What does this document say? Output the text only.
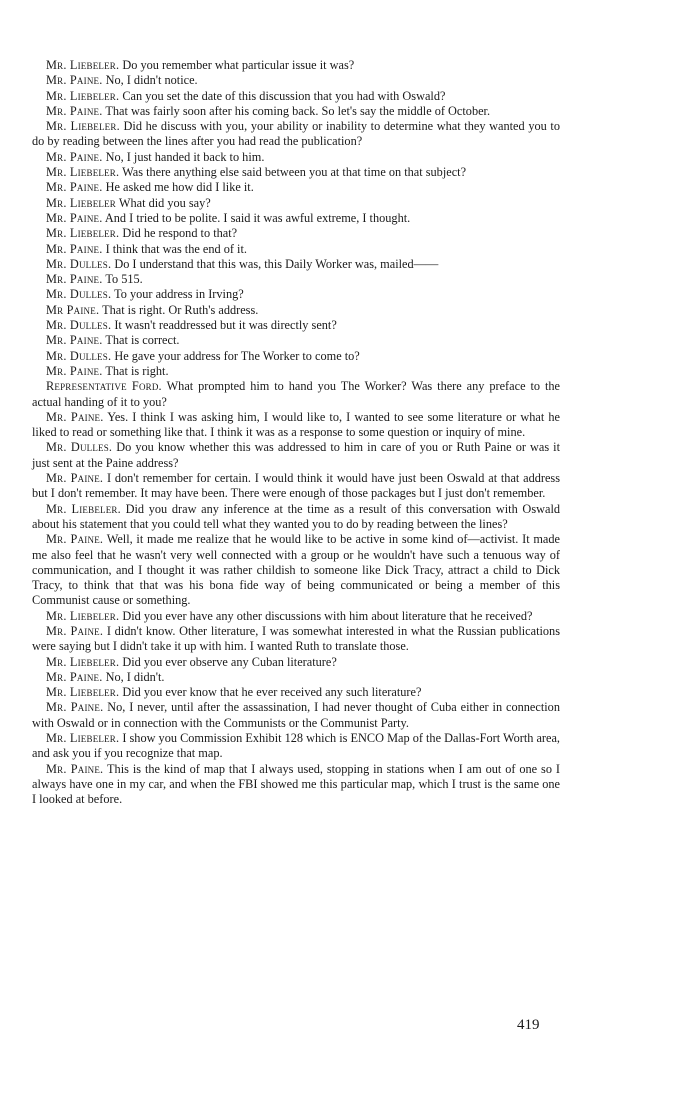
Mr. Liebeler. Do you remember what particular issue it was?

Mr. Paine. No, I didn't notice.

Mr. Liebeler. Can you set the date of this discussion that you had with Oswald?

Mr. Paine. That was fairly soon after his coming back. So let's say the middle of October.

Mr. Liebeler. Did he discuss with you, your ability or inability to determine what they wanted you to do by reading between the lines after you had read the publication?

Mr. Paine. No, I just handed it back to him.

Mr. Liebeler. Was there anything else said between you at that time on that subject?

Mr. Paine. He asked me how did I like it.

Mr. Liebeler What did you say?

Mr. Paine. And I tried to be polite. I said it was awful extreme, I thought.

Mr. Liebeler. Did he respond to that?

Mr. Paine. I think that was the end of it.

Mr. Dulles. Do I understand that this was, this Daily Worker was, mailed——

Mr. Paine. To 515.

Mr. Dulles. To your address in Irving?

Mr Paine. That is right. Or Ruth's address.

Mr. Dulles. It wasn't readdressed but it was directly sent?

Mr. Paine. That is correct.

Mr. Dulles. He gave your address for The Worker to come to?

Mr. Paine. That is right.

Representative Ford. What prompted him to hand you The Worker? Was there any preface to the actual handing of it to you?

Mr. Paine. Yes. I think I was asking him, I would like to, I wanted to see some literature or what he liked to read or something like that. I think it was as a response to some question or inquiry of mine.

Mr. Dulles. Do you know whether this was addressed to him in care of you or Ruth Paine or was it just sent at the Paine address?

Mr. Paine. I don't remember for certain. I would think it would have just been Oswald at that address but I don't remember. It may have been. There were enough of those packages but I just don't remember.

Mr. Liebeler. Did you draw any inference at the time as a result of this conversation with Oswald about his statement that you could tell what they wanted you to do by reading between the lines?

Mr. Paine. Well, it made me realize that he would like to be active in some kind of—activist. It made me also feel that he wasn't very well connected with a group or he wouldn't have such a tenuous way of communication, and I thought it was rather childish to someone like Dick Tracy, attract a child to Dick Tracy, to think that that was his bona fide way of being communicated or being a member of this Communist cause or something.

Mr. Liebeler. Did you ever have any other discussions with him about literature that he received?

Mr. Paine. I didn't know. Other literature, I was somewhat interested in what the Russian publications were saying but I didn't take it up with him. I wanted Ruth to translate those.

Mr. Liebeler. Did you ever observe any Cuban literature?

Mr. Paine. No, I didn't.

Mr. Liebeler. Did you ever know that he ever received any such literature?

Mr. Paine. No, I never, until after the assassination, I had never thought of Cuba either in connection with Oswald or in connection with the Communists or the Communist Party.

Mr. Liebeler. I show you Commission Exhibit 128 which is ENCO Map of the Dallas-Fort Worth area, and ask you if you recognize that map.

Mr. Paine. This is the kind of map that I always used, stopping in stations when I am out of one so I always have one in my car, and when the FBI showed me this particular map, which I trust is the same one I looked at before.

419
